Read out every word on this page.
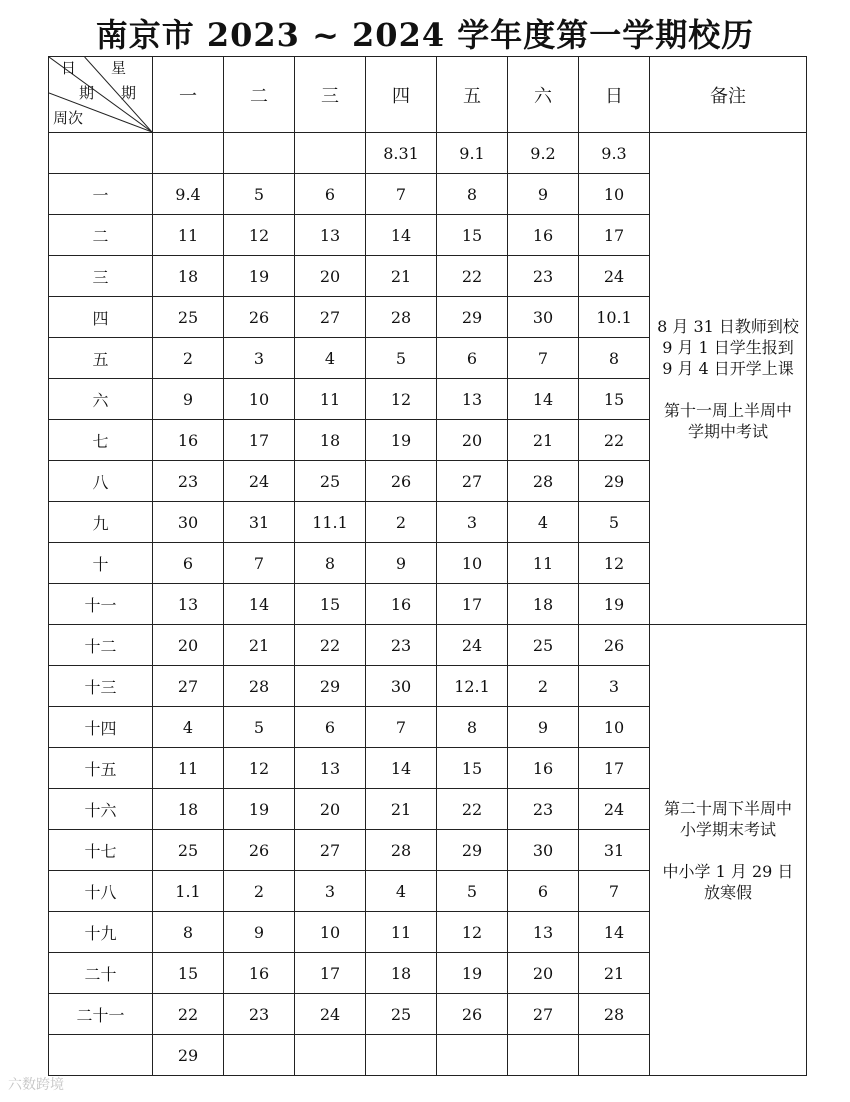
南京市 2023 ~ 2024 学年度第一学期校历
日 星
期 期
周次	一	二	三	四	五	六	日	备注
				8.31	9.1	9.2	9.3	8 月 31 日教师到校
9 月 1 日学生报到
9 月 4 日开学上课
第十一周上半周中
学期中考试

一	9.4	5	6	7	8	9	10	
二	11	12	13	14	15	16	17	
三	18	19	20	21	22	23	24	
四	25	26	27	28	29	30	10.1	
五	2	3	4	5	6	7	8	
六	9	10	11	12	13	14	15	
七	16	17	18	19	20	21	22	
八	23	24	25	26	27	28	29	
九	30	31	11.1	2	3	4	5	
十	6	7	8	9	10	11	12	
十一	13	14	15	16	17	18	19	
十二	20	21	22	23	24	25	26	第二十周下半周中
小学期末考试
中小学 1 月 29 日
放寒假

十三	27	28	29	30	12.1	2	3	
十四	4	5	6	7	8	9	10	
十五	11	12	13	14	15	16	17	
十六	18	19	20	21	22	23	24	
十七	25	26	27	28	29	30	31	
十八	1.1	2	3	4	5	6	7	
十九	8	9	10	11	12	13	14	
二十	15	16	17	18	19	20	21	
二十一	22	23	24	25	26	27	28	
	29							
六数跨境
